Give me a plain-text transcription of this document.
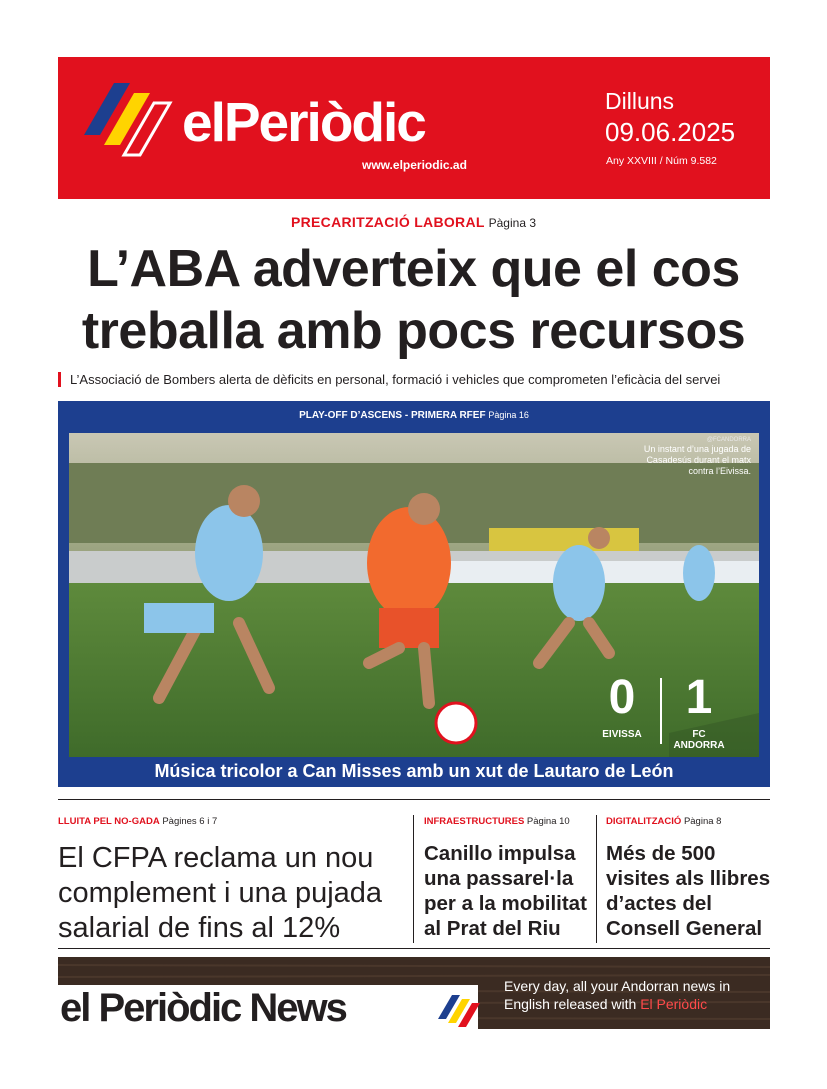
elPeriòdic
www.elperiodic.ad
Dilluns
09.06.2025
Any XXVIII / Núm 9.582
PRECARITZACIÓ LABORAL Pàgina 3
L’ABA adverteix que el cos treballa amb pocs recursos
L’Associació de Bombers alerta de dèficits en personal, formació i vehicles que comprometen l’eficàcia del servei
PLAY-OFF D’ASCENS - PRIMERA RFEF Pàgina 16
@FCANDORRA
Un instant d’una jugada de Casadesús durant el matx contra l’Eivissa.
0
EIVISSA
1
FC ANDORRA
Música tricolor a Can Misses amb un xut de Lautaro de León
LLUITA PEL NO-GADA Pàgines 6 i 7
El CFPA reclama un nou complement i una pujada salarial de fins al 12%
INFRAESTRUCTURES Pàgina 10
Canillo impulsa una passarel·la per a la mobilitat al Prat del Riu
DIGITALITZACIÓ Pàgina 8
Més de 500 visites als llibres d’actes del Consell General
el Periòdic News	Every day, all your Andorran news in English released with El Periòdic
